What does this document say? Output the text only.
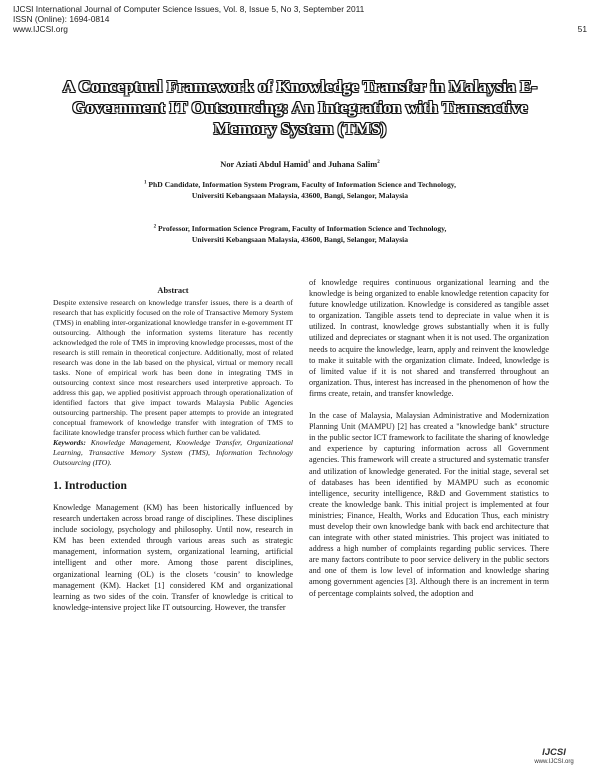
IJCSI International Journal of Computer Science Issues, Vol. 8, Issue 5, No 3, September 2011
ISSN (Online): 1694-0814
www.IJCSI.org	51
A Conceptual Framework of Knowledge Transfer in Malaysia E-Government IT Outsourcing: An Integration with Transactive Memory System (TMS)
Nor Aziati Abdul Hamid$^1$ and Juhana Salim$^2$
$^1$ PhD Candidate, Information System Program, Faculty of Information Science and Technology,
Universiti Kebangsaan Malaysia, 43600, Bangi, Selangor, Malaysia
$^2$ Professor, Information Science Program, Faculty of Information Science and Technology,
Universiti Kebangsaan Malaysia, 43600, Bangi, Selangor, Malaysia
Abstract
Despite extensive research on knowledge transfer issues, there is a dearth of research that has explicitly focused on the role of Transactive Memory System (TMS) in enabling inter-organizational knowledge transfer in e-government IT outsourcing. Although the information systems literature has recently acknowledged the role of TMS in improving knowledge processes, most of the research is still remain in theoretical conjecture. Additionally, most of related research was done in the lab based on the physical, virtual or memory recall tasks. None of empirical work has been done in integrating TMS in outsourcing context since most researchers used interpretive approach. To address this gap, we applied positivist approach through operationalization of identified factors that give impact towards Malaysia Public Agencies outsourcing partnership. The present paper attempts to provide an integrated conceptual framework of knowledge transfer with integration of TMS to facilitate knowledge transfer process which further can be validated.
Keywords: Knowledge Management, Knowledge Transfer, Organizational Learning, Transactive Memory System (TMS), Information Technology Outsourcing (ITO).
1. Introduction
Knowledge Management (KM) has been historically influenced by research undertaken across broad range of disciplines. These disciplines include sociology, psychology and philosophy. Until now, research in KM has been extended through various areas such as strategic management, information system, organizational learning, artificial intelligent and other more. Among those parent disciplines, organizational learning (OL) is the closets ‘cousin’ to knowledge management (KM). Hacket [1] considered KM and organizational learning as two sides of the coin. Transfer of knowledge is critical to knowledge-intensive project like IT outsourcing. However, the transfer
of knowledge requires continuous organizational learning and the knowledge is being organized to enable knowledge retention capacity for future knowledge utilization. Knowledge is considered as tangible asset to organization. Tangible assets tend to depreciate in value when it is utilized. In contrast, knowledge grows substantially when it is fully utilized and depreciates or stagnant when it is not used. The organization needs to acquire the knowledge, learn, apply and reinvent the knowledge to make it suitable with the organization climate. Indeed, knowledge is of limited value if it is not shared and transferred throughout an organization. Thus, interest has increased in the phenomenon of how the firms create, retain, and transfer knowledge.
In the case of Malaysia, Malaysian Administrative and Modernization Planning Unit (MAMPU) [2] has created a "knowledge bank" structure in the public sector ICT framework to facilitate the sharing of knowledge and experience by capturing information across all Government agencies. This framework will create a structured and systematic transfer and utilization of knowledge generated. For the initial stage, several set of databases has been identified by MAMPU such as economic intelligence, security intelligence, R&D and Government statistics to create the knowledge bank. This initial project is implemented at four ministries; Finance, Health, Works and Education Thus, each ministry must develop their own knowledge bank with back end architecture that can integrate with other stated ministries. This project was initiated to address a high number of complaints regarding public services. There are many factors contribute to poor service delivery in the public sectors and one of them is low level of information and knowledge sharing among government agencies [3]. Although there is an increment in term of percentage complaints solved, the adoption and
IJCSI
www.IJCSI.org
